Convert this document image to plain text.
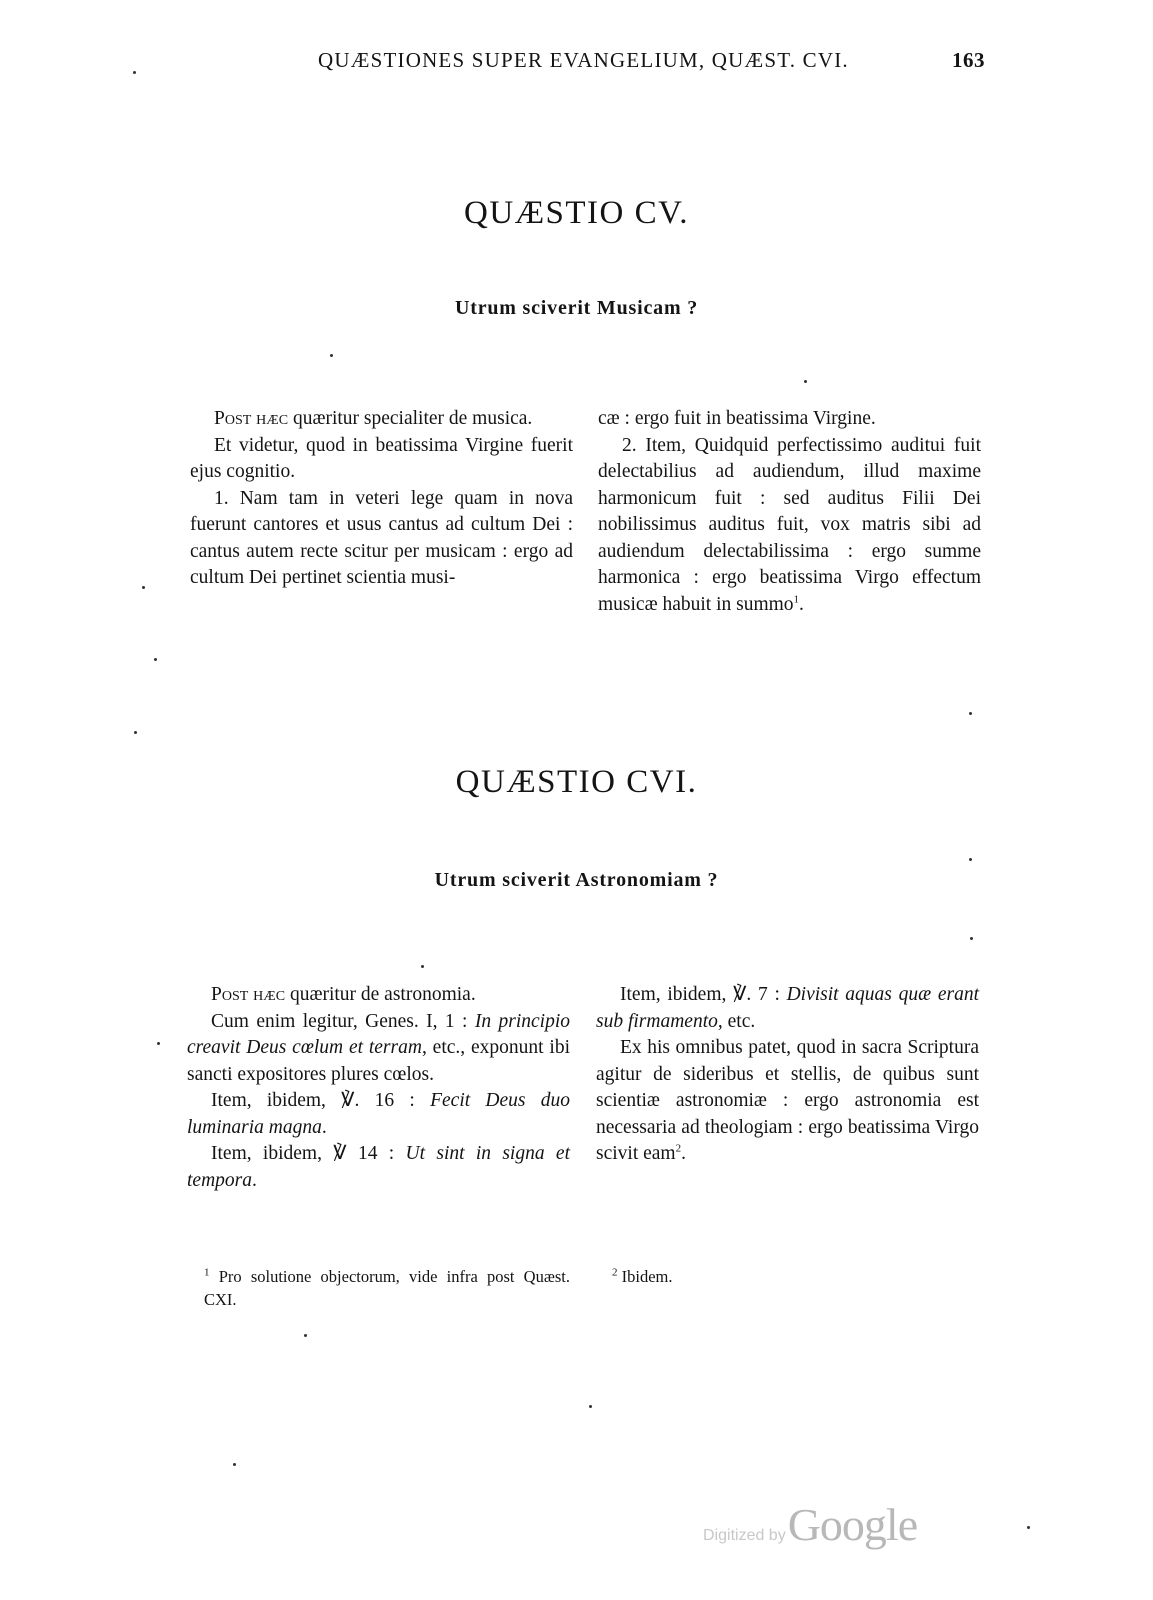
QUÆSTIONES SUPER EVANGELIUM, QUÆST. CVI.	163
QUÆSTIO CV.
Utrum sciverit Musicam ?

Post hæc quæritur specialiter de musica.

Et videtur, quod in beatissima Virgine fuerit ejus cognitio.

1. Nam tam in veteri lege quam in nova fuerunt cantores et usus cantus ad cultum Dei : cantus autem recte scitur per musicam : ergo ad cultum Dei pertinet scientia musi-

cæ : ergo fuit in beatissima Virgine.

2. Item, Quidquid perfectissimo auditui fuit delectabilius ad audiendum, illud maxime harmonicum fuit : sed auditus Filii Dei nobilissimus auditus fuit, vox matris sibi ad audiendum delectabilissima : ergo summe harmonica : ergo beatissima Virgo effectum musicæ habuit in summo$^1$.

QUÆSTIO CVI.
Utrum sciverit Astronomiam ?

Post hæc quæritur de astronomia.

Cum enim legitur, Genes. I, 1 : In principio creavit Deus cœlum et terram, etc., exponunt ibi sancti expositores plures cœlos.

Item, ibidem, ℣. 16 : Fecit Deus duo luminaria magna.

Item, ibidem, ℣ 14 : Ut sint in signa et tempora.

Item, ibidem, ℣. 7 : Divisit aquas quæ erant sub firmamento, etc.

Ex his omnibus patet, quod in sacra Scriptura agitur de sideribus et stellis, de quibus sunt scientiæ astronomiæ : ergo astronomia est necessaria ad theologiam : ergo beatissima Virgo scivit eam$^2$.

$^1$ Pro solutione objectorum, vide infra post Quæst. CXI.

$^2$ Ibidem.

Digitized by Google
